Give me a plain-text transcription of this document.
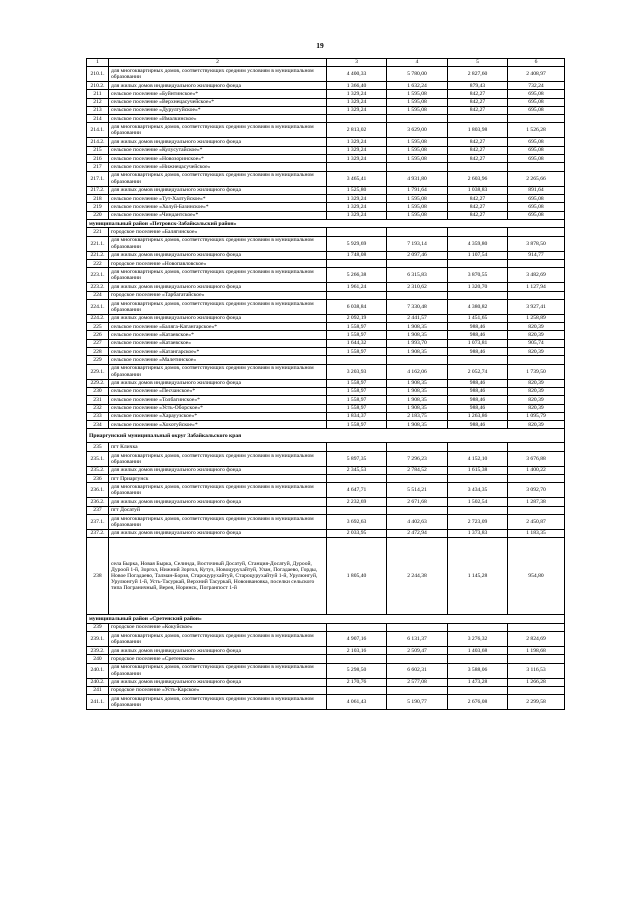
19
1	2	3	4	5	6
210.1.	для многоквартирных домов, соответствующих средним условиям в муниципальном образовании	4 400,33	5 780,00	2 827,60	2 408,97
210.2.	для жилых домов индивидуального жилищного фонда	1 366,40	1 632,24	879,43	732,24
211	сельское поселение «Буйнтинское»*	1 329,24	1 595,08	842,27	695,08
212	сельское поселение «Верхнецасучейское»*	1 329,24	1 595,08	842,27	695,08
213	сельское поселение «Дурулгуйское»*	1 329,24	1 595,08	842,27	695,08
214	сельское поселение «Ималкинское»				
214.1.	для многоквартирных домов, соответствующих средним условиям в муниципальном образовании	2 813,02	3 629,00	1 803,98	1 526,28
214.2.	для жилых домов индивидуального жилищного фонда	1 329,24	1 595,08	842,27	695,08
215	сельское поселение «Кулусутайское»*	1 329,24	1 595,08	842,27	695,08
216	сельское поселение «Новозоринское»*	1 329,24	1 595,08	842,27	695,08
217	сельское поселение «Нижнецасучейское»				
217.1.	для многоквартирных домов, соответствующих средним условиям в муниципальном образовании	3 465,41	4 931,80	2 603,96	2 265,66
217.2.	для жилых домов индивидуального жилищного фонда	1 525,80	1 791,64	1 038,83	891,64
218	сельское поселение «Тут-Халтуйское»*	1 329,24	1 595,08	842,27	695,08
219	сельское поселение «Холуй-Базинское»*	1 329,24	1 595,08	842,27	695,08
220	сельское поселение «Чиндантское»*	1 329,24	1 595,08	842,27	695,08
муниципальный район «Петровск-Забайкальский район»					
221	городское поселение «Балягинское»				
221.1.	для многоквартирных домов, соответствующих средним условиям в муниципальном образовании	5 929,69	7 193,14	4 359,80	3 878,50
221.2.	для жилых домов индивидуального жилищного фонда	1 748,08	2 097,46	1 107,54	914,77
222	городское поселение «Новопавловское»				
223.1.	для многоквартирных домов, соответствующих средним условиям в муниципальном образовании	5 266,38	6 315,83	3 870,55	3 482,69
223.2.	для жилых домов индивидуального жилищного фонда	1 961,24	2 310,62	1 320,70	1 127,94
224	городское поселение «Тарбагатайское»				
224.1.	для многоквартирных домов, соответствующих средним условиям в муниципальном образовании	6 038,84	7 330,48	4 380,82	3 927,41
224.2.	для жилых домов индивидуального жилищного фонда	2 092,19	2 441,57	1 451,65	1 258,89
225	сельское поселение «Баляга-Катангарское»*	1 558,97	1 908,35	988,46	820,39
226	сельское поселение «Катаевское»*	1 558,97	1 908,35	988,46	820,39
227	сельское поселение «Катаевское»	1 644,32	1 993,70	1 073,81	905,74
228	сельское поселение «Катангарское»*	1 558,97	1 908,35	988,46	820,39
229	сельское поселение «Малетинское»				
229.1.	для многоквартирных домов, соответствующих средним условиям в муниципальном образовании	3 203,93	4 162,06	2 052,74	1 739,50
229.2.	для жилых домов индивидуального жилищного фонда	1 558,97	1 908,35	988,46	820,39
230	сельское поселение «Песчанское»*	1 558,97	1 908,35	988,46	820,39
231	сельское поселение «Толбагинское»*	1 558,97	1 908,35	988,46	820,39
232	сельское поселение «Усть-Оборское»*	1 558,97	1 908,35	988,46	820,39
233	сельское поселение «Харауузское»*	1 834,37	2 183,75	1 263,86	1 095,79
234	сельское поселение «Хохотуйское»*	1 558,97	1 908,35	988,46	820,39
Приаргунский муниципальный округ Забайкальского края					
235	пгт Кличка				
235.1.	для многоквартирных домов, соответствующих средним условиям в муниципальном образовании	5 897,35	7 296,23	4 152,10	3 676,88
235.2.	для жилых домов индивидуального жилищного фонда	2 345,53	2 784,52	1 615,38	1 400,22
236	пгт Приаргунск				
236.1.	для многоквартирных домов, соответствующих средним условиям в муниципальном образовании	4 647,71	5 514,21	3 434,35	3 092,70
236.2.	для жилых домов индивидуального жилищного фонда	2 232,69	2 671,68	1 502,54	1 287,38
237	пгт Досатуй				
237.1.	для многоквартирных домов, соответствующих средним условиям в муниципальном образовании	3 692,63	4 402,63	2 723,09	2 450,87
237.2.	для жилых домов индивидуального жилищного фонда	2 033,95	2 472,94	1 373,83	1 183,35
238	села Бырка, Новая Бырка, Селинда, Восточный Досатуй, Станция-Досатуй, Дуроой, Дуроой 1-й, Зоргол, Нижний Зоргол, Кутуз, Новоцурухайтуй, Улан, Погадаево, Горды, Новое Погадаево, Талман-Борзя, Староцурухайтуй, Староцурухайтуй 1-й, Урулюнгуй, Урулюнгуй 1-й, Усть-Тасуркай, Верхний Тасуркай, Новоивановка, поселки сельского типа Пограничный, Верея, Норинск, Погранпост 1-й	1 805,40	2 244,38	1 145,28	954,80
муниципальный район «Сретенский район»					
239	городское поселение «Кокуйское»				
239.1.	для многоквартирных домов, соответствующих средним условиям в муниципальном образовании	4 907,16	6 131,37	3 276,32	2 824,69
239.2.	для жилых домов индивидуального жилищного фонда	2 103,16	2 509,47	1 403,68	1 198,68
240	городское поселение «Сретенское»				
240.1.	для многоквартирных домов, соответствующих средним условиям в муниципальном образовании	5 298,50	6 602,31	3 588,06	3 116,53
240.2.	для жилых домов индивидуального жилищного фонда	2 170,76	2 577,08	1 473,28	1 266,28
241	городское поселение «Усть-Карское»				
241.1.	для многоквартирных домов, соответствующих средним условиям в муниципальном образовании	4 061,43	5 190,77	2 676,08	2 299,58
